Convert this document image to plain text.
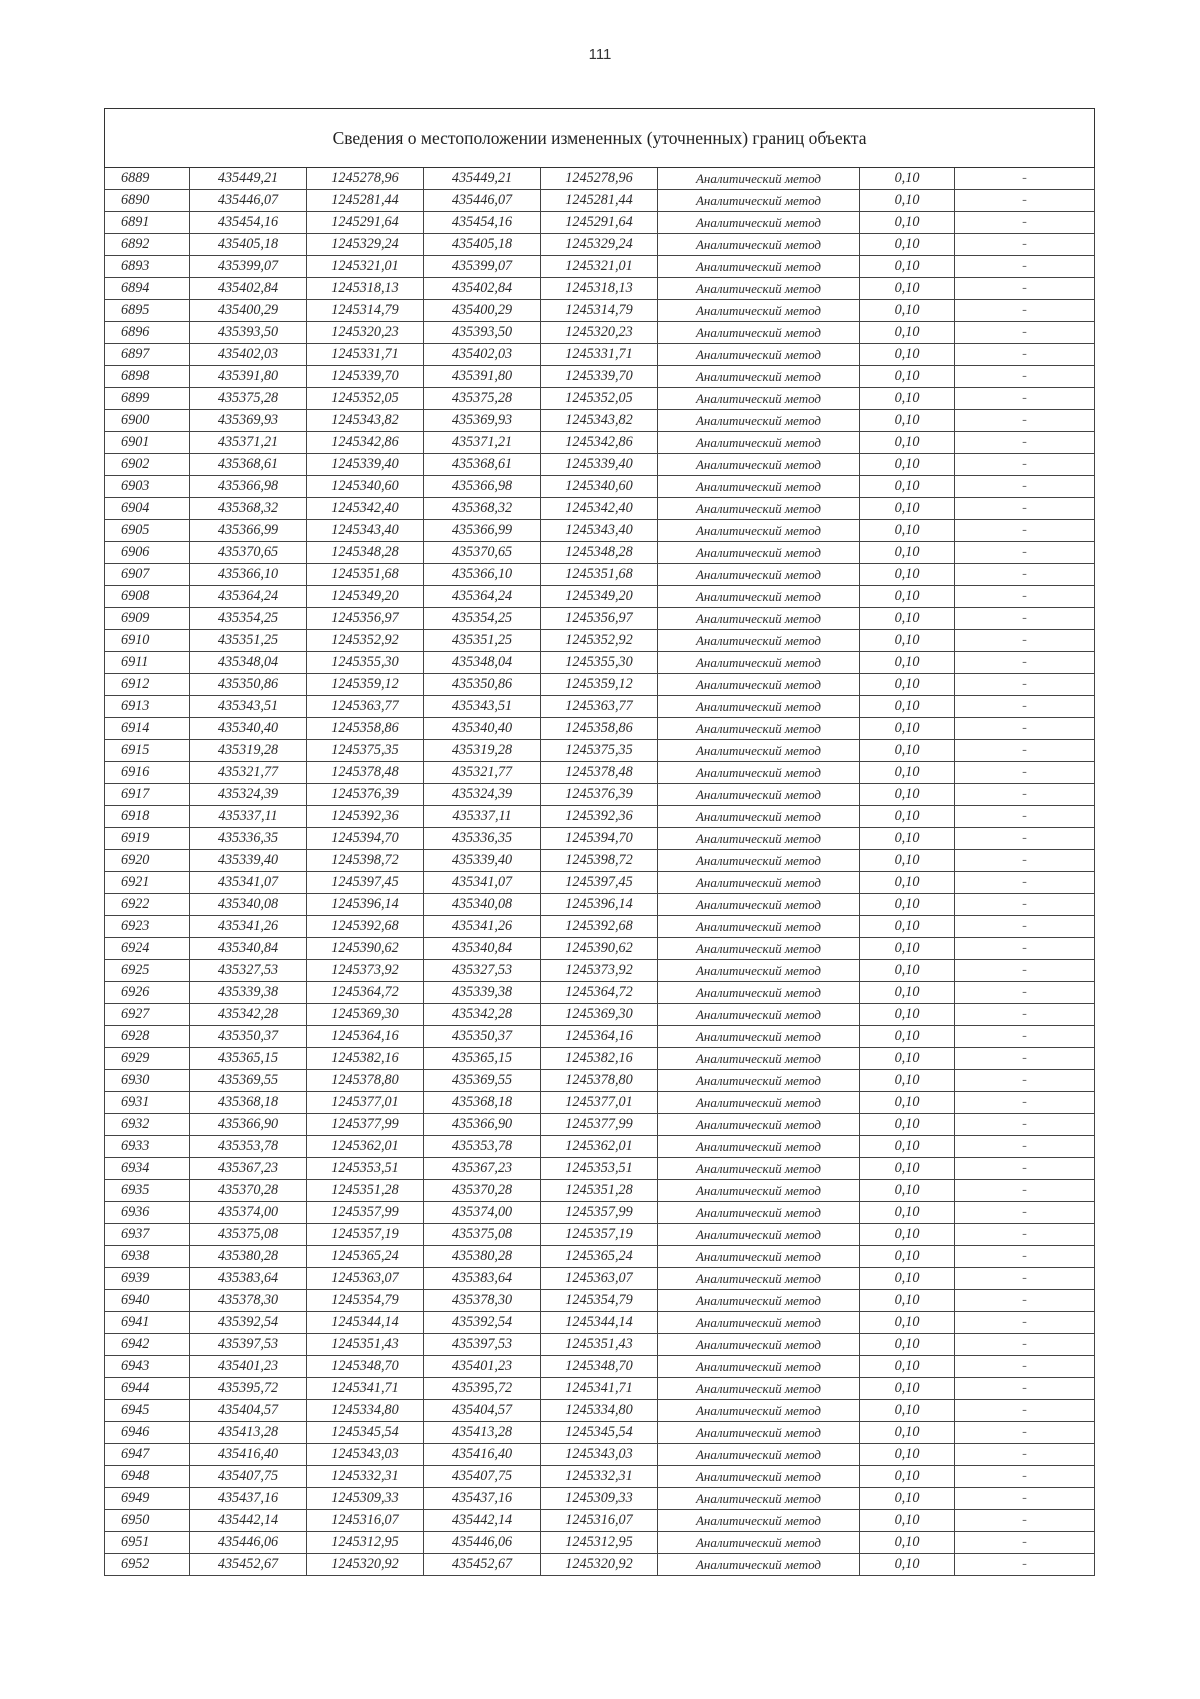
111
Сведения о местоположении измененных (уточненных) границ объекта							
6889	435449,21	1245278,96	435449,21	1245278,96	Аналитический метод	0,10	-
6890	435446,07	1245281,44	435446,07	1245281,44	Аналитический метод	0,10	-
6891	435454,16	1245291,64	435454,16	1245291,64	Аналитический метод	0,10	-
6892	435405,18	1245329,24	435405,18	1245329,24	Аналитический метод	0,10	-
6893	435399,07	1245321,01	435399,07	1245321,01	Аналитический метод	0,10	-
6894	435402,84	1245318,13	435402,84	1245318,13	Аналитический метод	0,10	-
6895	435400,29	1245314,79	435400,29	1245314,79	Аналитический метод	0,10	-
6896	435393,50	1245320,23	435393,50	1245320,23	Аналитический метод	0,10	-
6897	435402,03	1245331,71	435402,03	1245331,71	Аналитический метод	0,10	-
6898	435391,80	1245339,70	435391,80	1245339,70	Аналитический метод	0,10	-
6899	435375,28	1245352,05	435375,28	1245352,05	Аналитический метод	0,10	-
6900	435369,93	1245343,82	435369,93	1245343,82	Аналитический метод	0,10	-
6901	435371,21	1245342,86	435371,21	1245342,86	Аналитический метод	0,10	-
6902	435368,61	1245339,40	435368,61	1245339,40	Аналитический метод	0,10	-
6903	435366,98	1245340,60	435366,98	1245340,60	Аналитический метод	0,10	-
6904	435368,32	1245342,40	435368,32	1245342,40	Аналитический метод	0,10	-
6905	435366,99	1245343,40	435366,99	1245343,40	Аналитический метод	0,10	-
6906	435370,65	1245348,28	435370,65	1245348,28	Аналитический метод	0,10	-
6907	435366,10	1245351,68	435366,10	1245351,68	Аналитический метод	0,10	-
6908	435364,24	1245349,20	435364,24	1245349,20	Аналитический метод	0,10	-
6909	435354,25	1245356,97	435354,25	1245356,97	Аналитический метод	0,10	-
6910	435351,25	1245352,92	435351,25	1245352,92	Аналитический метод	0,10	-
6911	435348,04	1245355,30	435348,04	1245355,30	Аналитический метод	0,10	-
6912	435350,86	1245359,12	435350,86	1245359,12	Аналитический метод	0,10	-
6913	435343,51	1245363,77	435343,51	1245363,77	Аналитический метод	0,10	-
6914	435340,40	1245358,86	435340,40	1245358,86	Аналитический метод	0,10	-
6915	435319,28	1245375,35	435319,28	1245375,35	Аналитический метод	0,10	-
6916	435321,77	1245378,48	435321,77	1245378,48	Аналитический метод	0,10	-
6917	435324,39	1245376,39	435324,39	1245376,39	Аналитический метод	0,10	-
6918	435337,11	1245392,36	435337,11	1245392,36	Аналитический метод	0,10	-
6919	435336,35	1245394,70	435336,35	1245394,70	Аналитический метод	0,10	-
6920	435339,40	1245398,72	435339,40	1245398,72	Аналитический метод	0,10	-
6921	435341,07	1245397,45	435341,07	1245397,45	Аналитический метод	0,10	-
6922	435340,08	1245396,14	435340,08	1245396,14	Аналитический метод	0,10	-
6923	435341,26	1245392,68	435341,26	1245392,68	Аналитический метод	0,10	-
6924	435340,84	1245390,62	435340,84	1245390,62	Аналитический метод	0,10	-
6925	435327,53	1245373,92	435327,53	1245373,92	Аналитический метод	0,10	-
6926	435339,38	1245364,72	435339,38	1245364,72	Аналитический метод	0,10	-
6927	435342,28	1245369,30	435342,28	1245369,30	Аналитический метод	0,10	-
6928	435350,37	1245364,16	435350,37	1245364,16	Аналитический метод	0,10	-
6929	435365,15	1245382,16	435365,15	1245382,16	Аналитический метод	0,10	-
6930	435369,55	1245378,80	435369,55	1245378,80	Аналитический метод	0,10	-
6931	435368,18	1245377,01	435368,18	1245377,01	Аналитический метод	0,10	-
6932	435366,90	1245377,99	435366,90	1245377,99	Аналитический метод	0,10	-
6933	435353,78	1245362,01	435353,78	1245362,01	Аналитический метод	0,10	-
6934	435367,23	1245353,51	435367,23	1245353,51	Аналитический метод	0,10	-
6935	435370,28	1245351,28	435370,28	1245351,28	Аналитический метод	0,10	-
6936	435374,00	1245357,99	435374,00	1245357,99	Аналитический метод	0,10	-
6937	435375,08	1245357,19	435375,08	1245357,19	Аналитический метод	0,10	-
6938	435380,28	1245365,24	435380,28	1245365,24	Аналитический метод	0,10	-
6939	435383,64	1245363,07	435383,64	1245363,07	Аналитический метод	0,10	-
6940	435378,30	1245354,79	435378,30	1245354,79	Аналитический метод	0,10	-
6941	435392,54	1245344,14	435392,54	1245344,14	Аналитический метод	0,10	-
6942	435397,53	1245351,43	435397,53	1245351,43	Аналитический метод	0,10	-
6943	435401,23	1245348,70	435401,23	1245348,70	Аналитический метод	0,10	-
6944	435395,72	1245341,71	435395,72	1245341,71	Аналитический метод	0,10	-
6945	435404,57	1245334,80	435404,57	1245334,80	Аналитический метод	0,10	-
6946	435413,28	1245345,54	435413,28	1245345,54	Аналитический метод	0,10	-
6947	435416,40	1245343,03	435416,40	1245343,03	Аналитический метод	0,10	-
6948	435407,75	1245332,31	435407,75	1245332,31	Аналитический метод	0,10	-
6949	435437,16	1245309,33	435437,16	1245309,33	Аналитический метод	0,10	-
6950	435442,14	1245316,07	435442,14	1245316,07	Аналитический метод	0,10	-
6951	435446,06	1245312,95	435446,06	1245312,95	Аналитический метод	0,10	-
6952	435452,67	1245320,92	435452,67	1245320,92	Аналитический метод	0,10	-
